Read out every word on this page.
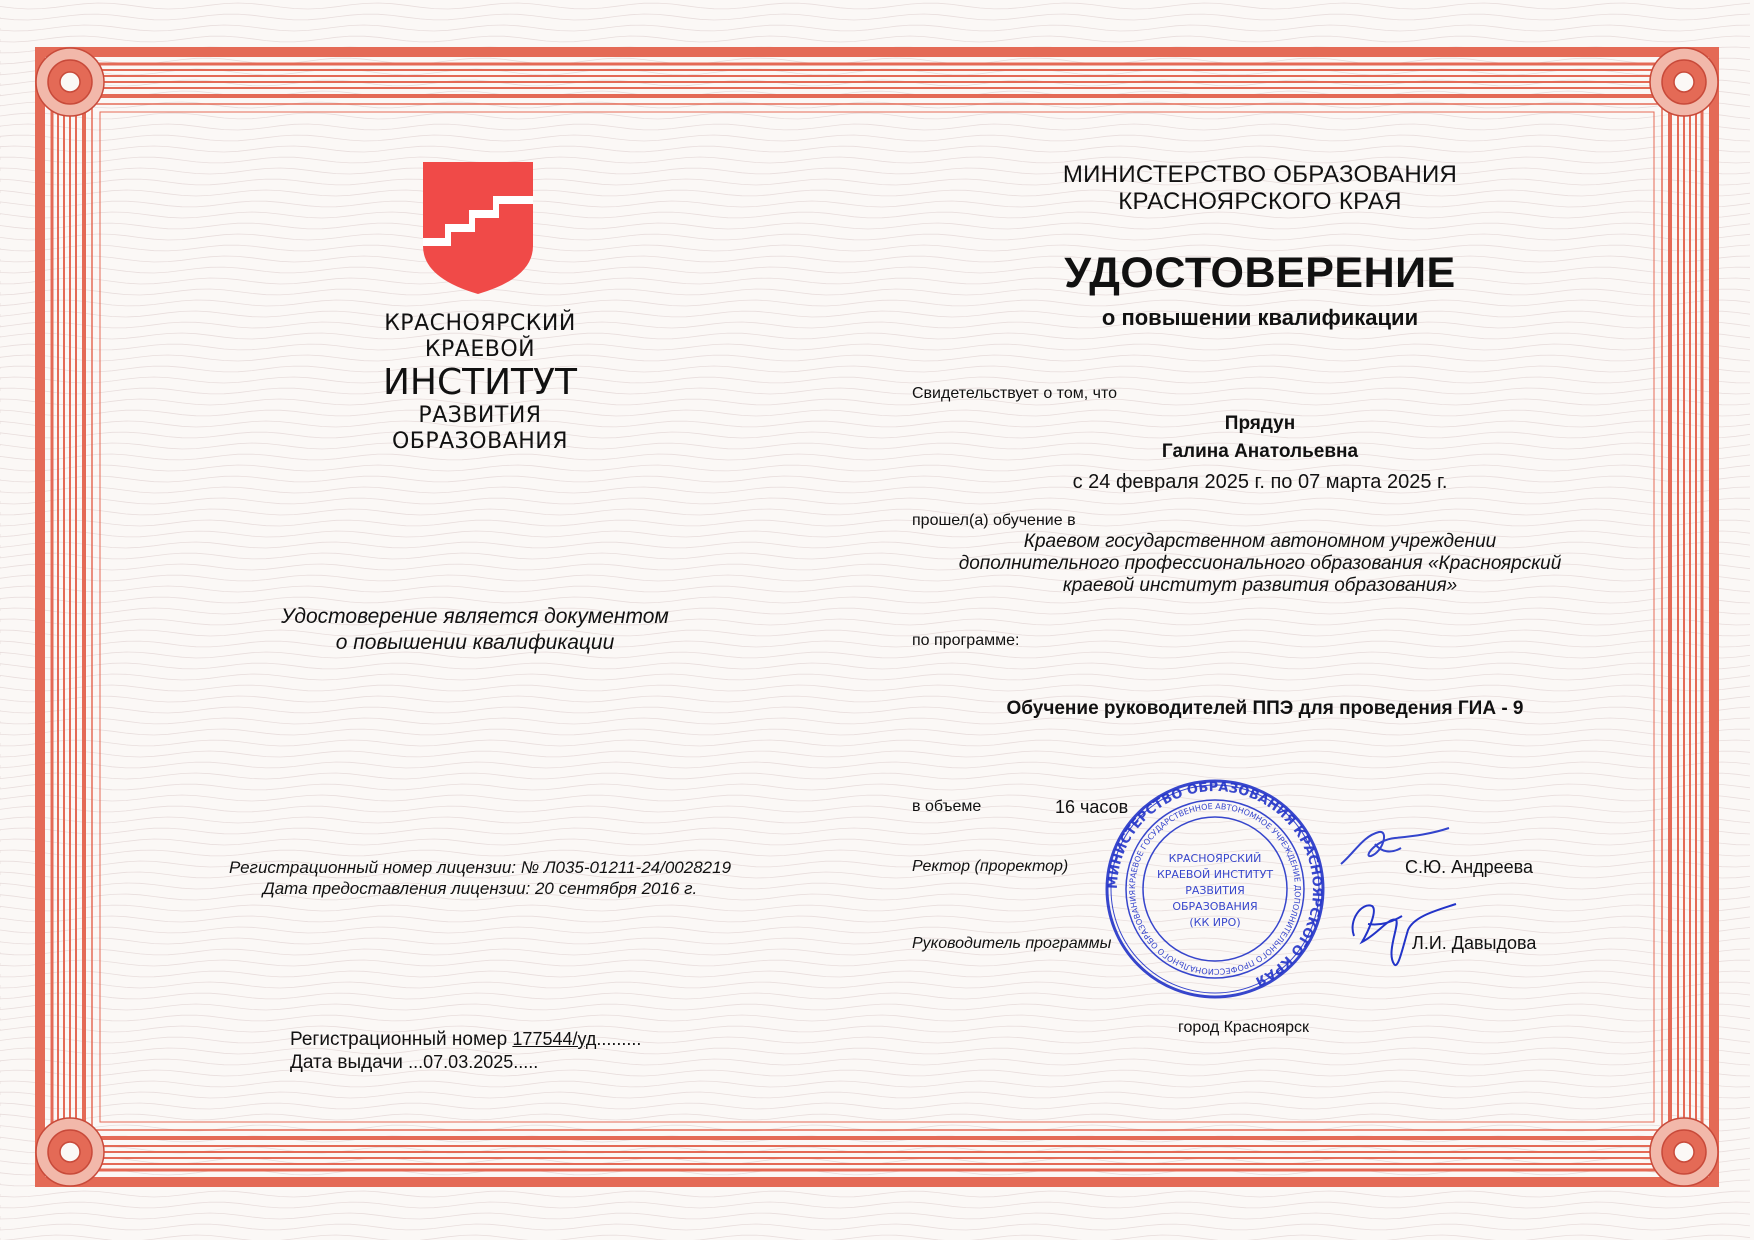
КРАСНОЯРСКИЙ
КРАЕВОЙ
ИНСТИТУТ
РАЗВИТИЯ
ОБРАЗОВАНИЯ
Удостоверение является документом
о повышении квалификации
Регистрационный номер лицензии: № Л035-01211-24/0028219
Дата предоставления лицензии: 20 сентября 2016 г.
Регистрационный номер 177544/уд.........
Дата выдачи ...07.03.2025.....
МИНИСТЕРСТВО ОБРАЗОВАНИЯ
КРАСНОЯРСКОГО КРАЯ
УДОСТОВЕРЕНИЕ
о повышении квалификации
Свидетельствует о том, что
Прядун
Галина Анатольевна
с 24 февраля 2025 г. по 07 марта 2025 г.
прошел(а) обучение в
Краевом государственном автономном учреждении
дополнительного профессионального образования «Красноярский
краевой институт развития образования»
по программе:
Обучение руководителей ППЭ для проведения ГИА - 9
в объеме	16 часов
Ректор (проректор)	С.Ю. Андреева
Руководитель программы	Л.И. Давыдова
город Красноярск
МИНИСТЕРСТВО ОБРАЗОВАНИЯ КРАСНОЯРСКОГО КРАЯ
КРАЕВОЕ ГОСУДАРСТВЕННОЕ АВТОНОМНОЕ УЧРЕЖДЕНИЕ ДОПОЛНИТЕЛЬНОГО ПРОФЕССИОНАЛЬНОГО ОБРАЗОВАНИЯ
КРАСНОЯРСКИЙ
КРАЕВОЙ ИНСТИТУТ
РАЗВИТИЯ
ОБРАЗОВАНИЯ
(КК ИРО)
